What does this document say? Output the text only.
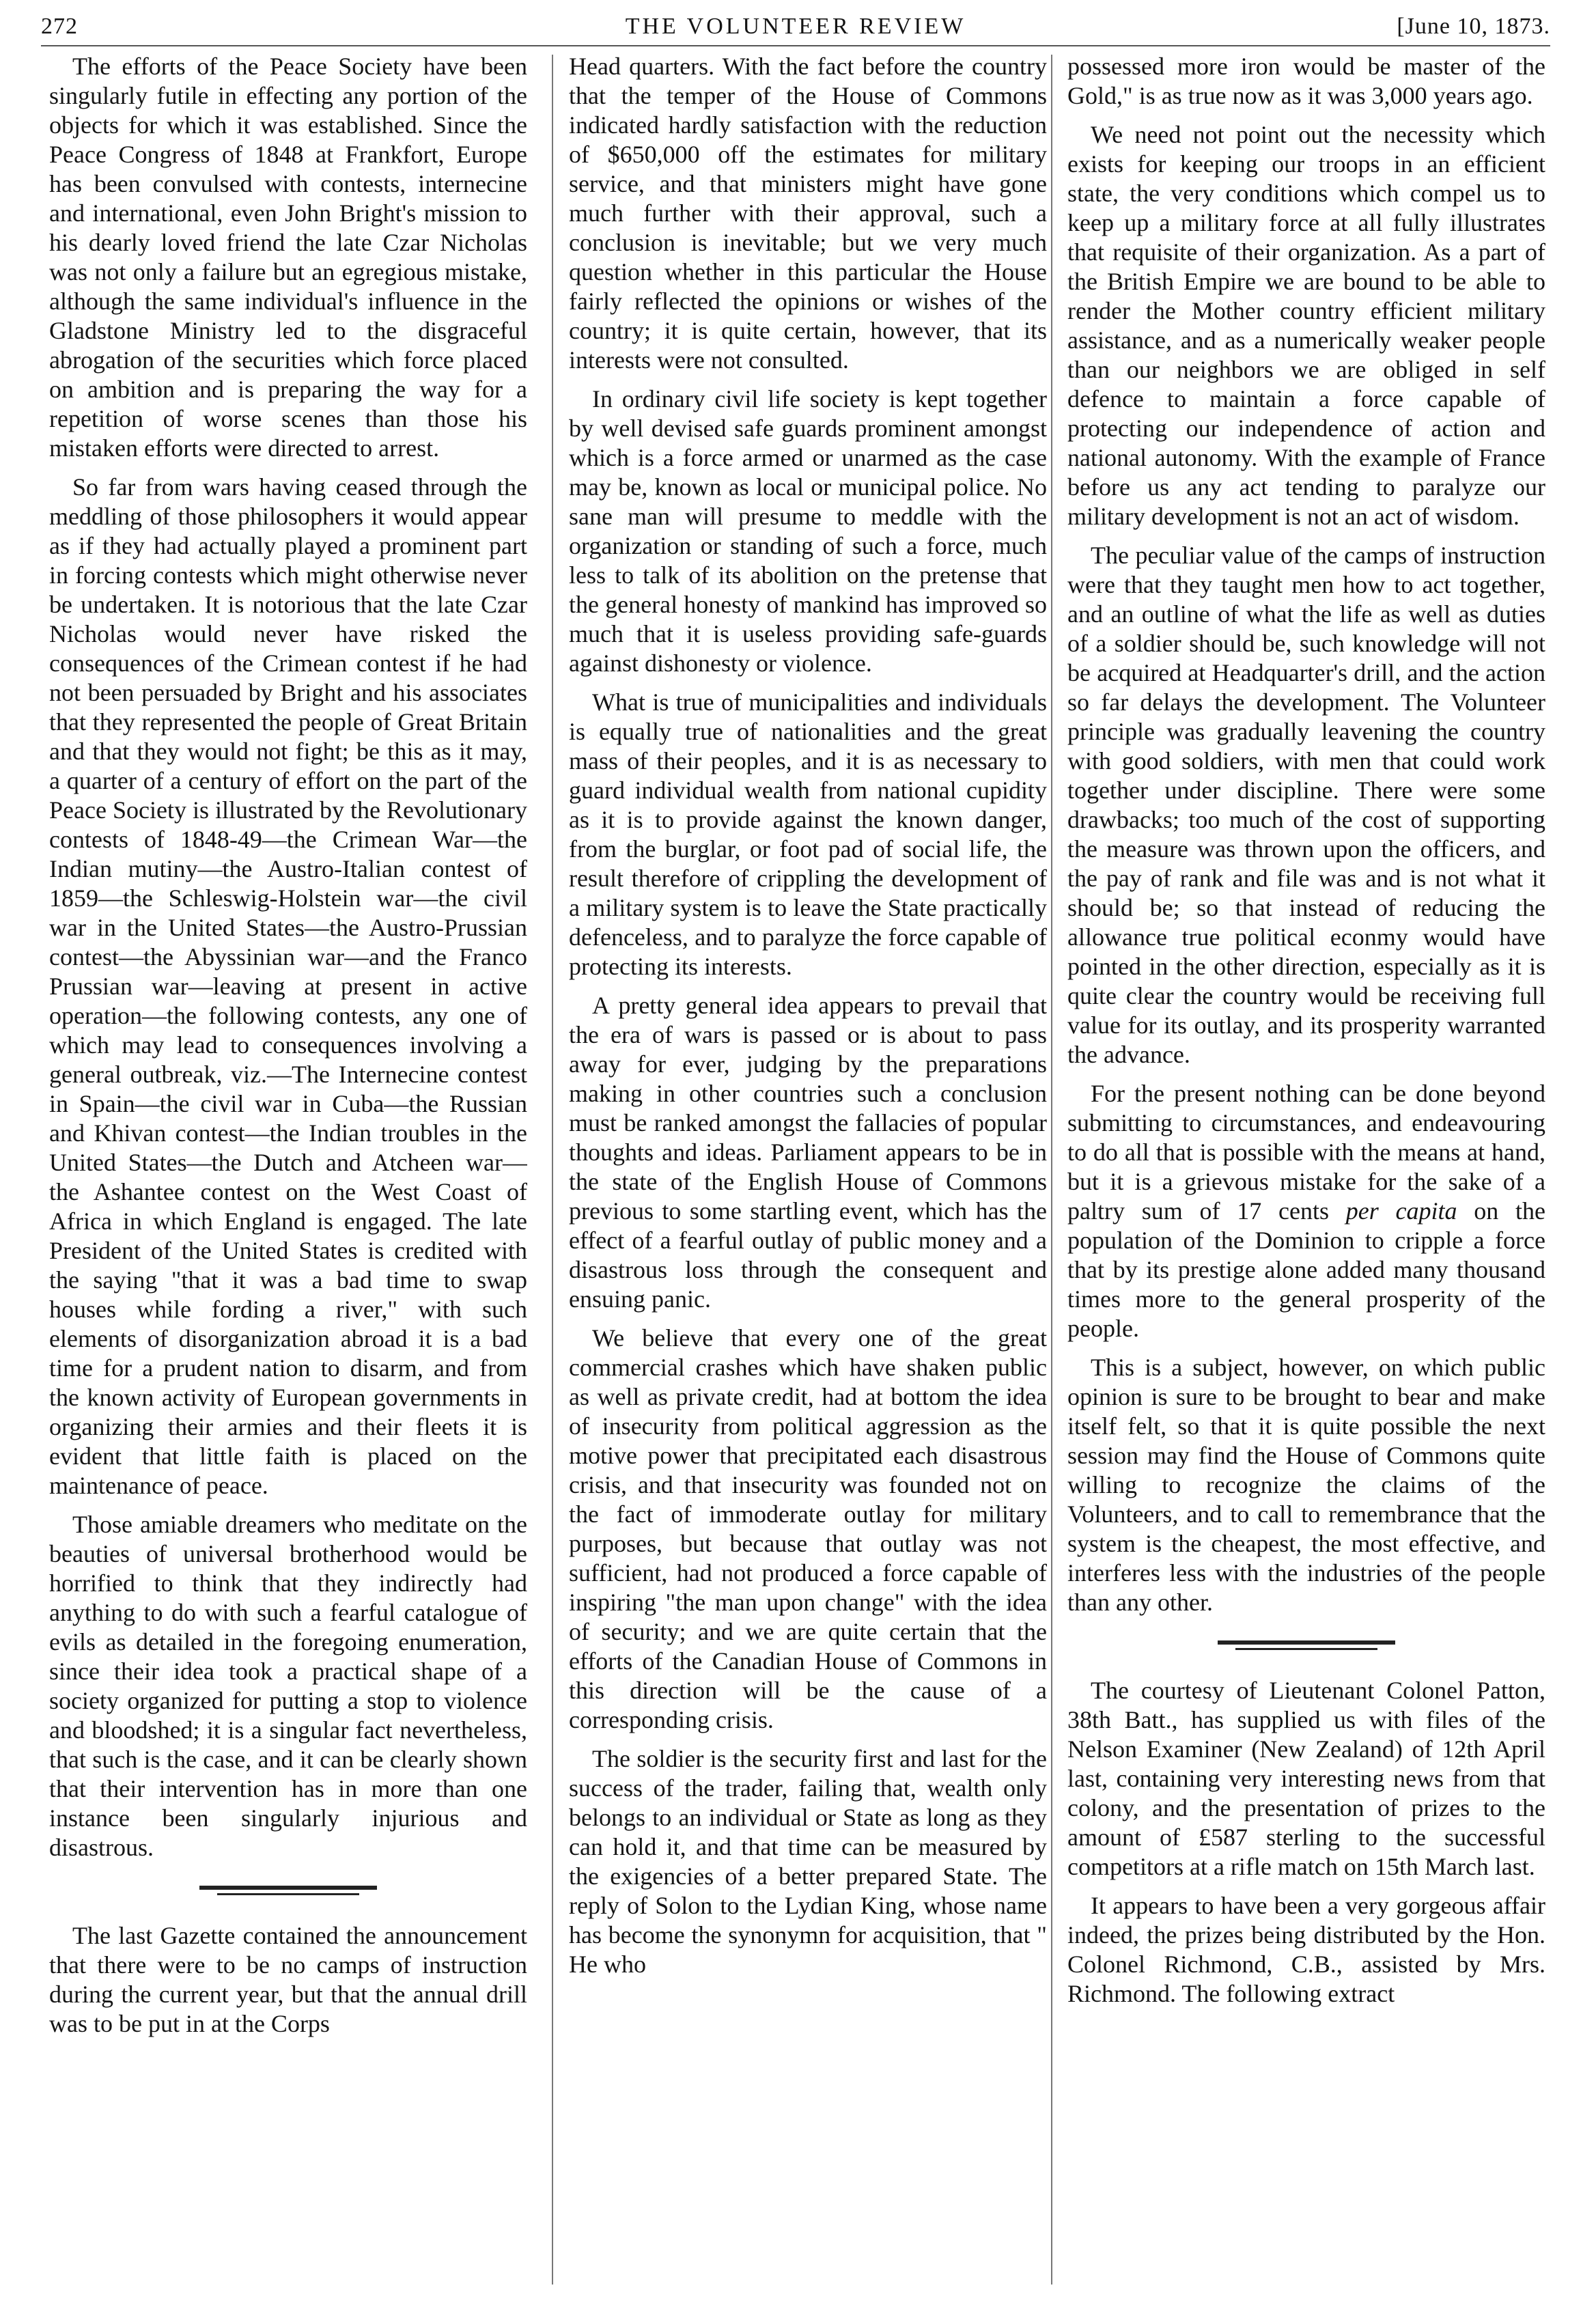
272	THE VOLUNTEER REVIEW	[June 10, 1873.

The efforts of the Peace Society have been singularly futile in effecting any portion of the objects for which it was established. Since the Peace Congress of 1848 at Frankfort, Europe has been convulsed with contests, internecine and international, even John Bright's mission to his dearly loved friend the late Czar Nicholas was not only a failure but an egregious mistake, although the same individual's influence in the Gladstone Ministry led to the disgraceful abrogation of the securities which force placed on ambition and is preparing the way for a repetition of worse scenes than those his mistaken efforts were directed to arrest.

So far from wars having ceased through the meddling of those philosophers it would appear as if they had actually played a prominent part in forcing contests which might otherwise never be undertaken. It is notorious that the late Czar Nicholas would never have risked the consequences of the Crimean contest if he had not been persuaded by Bright and his associates that they represented the people of Great Britain and that they would not fight; be this as it may, a quarter of a century of effort on the part of the Peace Society is illustrated by the Revolutionary contests of 1848-49—the Crimean War—the Indian mutiny—the Austro-Italian contest of 1859—the Schleswig-Holstein war—the civil war in the United States—the Austro-Prussian contest—the Abyssinian war—and the Franco Prussian war—leaving at present in active operation—the following contests, any one of which may lead to consequences involving a general outbreak, viz.—The Internecine contest in Spain—the civil war in Cuba—the Russian and Khivan contest—the Indian troubles in the United States—the Dutch and Atcheen war—the Ashantee contest on the West Coast of Africa in which England is engaged. The late President of the United States is credited with the saying "that it was a bad time to swap houses while fording a river," with such elements of disorganization abroad it is a bad time for a prudent nation to disarm, and from the known activity of European governments in organizing their armies and their fleets it is evident that little faith is placed on the maintenance of peace.

Those amiable dreamers who meditate on the beauties of universal brotherhood would be horrified to think that they indirectly had anything to do with such a fearful catalogue of evils as detailed in the foregoing enumeration, since their idea took a practical shape of a society organized for putting a stop to violence and bloodshed; it is a singular fact nevertheless, that such is the case, and it can be clearly shown that their intervention has in more than one instance been singularly injurious and disastrous.

The last Gazette contained the announcement that there were to be no camps of instruction during the current year, but that the annual drill was to be put in at the Corps

Head quarters. With the fact before the country that the temper of the House of Commons indicated hardly satisfaction with the reduction of $650,000 off the estimates for military service, and that ministers might have gone much further with their approval, such a conclusion is inevitable; but we very much question whether in this particular the House fairly reflected the opinions or wishes of the country; it is quite certain, however, that its interests were not consulted.

In ordinary civil life society is kept together by well devised safe guards prominent amongst which is a force armed or unarmed as the case may be, known as local or municipal police. No sane man will presume to meddle with the organization or standing of such a force, much less to talk of its abolition on the pretense that the general honesty of mankind has improved so much that it is useless providing safe-guards against dishonesty or violence.

What is true of municipalities and individuals is equally true of nationalities and the great mass of their peoples, and it is as necessary to guard individual wealth from national cupidity as it is to provide against the known danger, from the burglar, or foot pad of social life, the result therefore of crippling the development of a military system is to leave the State practically defenceless, and to paralyze the force capable of protecting its interests.

A pretty general idea appears to prevail that the era of wars is passed or is about to pass away for ever, judging by the preparations making in other countries such a conclusion must be ranked amongst the fallacies of popular thoughts and ideas. Parliament appears to be in the state of the English House of Commons previous to some startling event, which has the effect of a fearful outlay of public money and a disastrous loss through the consequent and ensuing panic.

We believe that every one of the great commercial crashes which have shaken public as well as private credit, had at bottom the idea of insecurity from political aggression as the motive power that precipitated each disastrous crisis, and that insecurity was founded not on the fact of immoderate outlay for military purposes, but because that outlay was not sufficient, had not produced a force capable of inspiring "the man upon change" with the idea of security; and we are quite certain that the efforts of the Canadian House of Commons in this direction will be the cause of a corresponding crisis.

The soldier is the security first and last for the success of the trader, failing that, wealth only belongs to an individual or State as long as they can hold it, and that time can be measured by the exigencies of a better prepared State. The reply of Solon to the Lydian King, whose name has become the synonymn for acquisition, that " He who

possessed more iron would be master of the Gold," is as true now as it was 3,000 years ago.

We need not point out the necessity which exists for keeping our troops in an efficient state, the very conditions which compel us to keep up a military force at all fully illustrates that requisite of their organization. As a part of the British Empire we are bound to be able to render the Mother country efficient military assistance, and as a numerically weaker people than our neighbors we are obliged in self defence to maintain a force capable of protecting our independence of action and national autonomy. With the example of France before us any act tending to paralyze our military development is not an act of wisdom.

The peculiar value of the camps of instruction were that they taught men how to act together, and an outline of what the life as well as duties of a soldier should be, such knowledge will not be acquired at Headquarter's drill, and the action so far delays the development. The Volunteer principle was gradually leavening the country with good soldiers, with men that could work together under discipline. There were some drawbacks; too much of the cost of supporting the measure was thrown upon the officers, and the pay of rank and file was and is not what it should be; so that instead of reducing the allowance true political econmy would have pointed in the other direction, especially as it is quite clear the country would be receiving full value for its outlay, and its prosperity warranted the advance.

For the present nothing can be done beyond submitting to circumstances, and endeavouring to do all that is possible with the means at hand, but it is a grievous mistake for the sake of a paltry sum of 17 cents per capita on the population of the Dominion to cripple a force that by its prestige alone added many thousand times more to the general prosperity of the people.

This is a subject, however, on which public opinion is sure to be brought to bear and make itself felt, so that it is quite possible the next session may find the House of Commons quite willing to recognize the claims of the Volunteers, and to call to remembrance that the system is the cheapest, the most effective, and interferes less with the industries of the people than any other.

The courtesy of Lieutenant Colonel Patton, 38th Batt., has supplied us with files of the Nelson Examiner (New Zealand) of 12th April last, containing very interesting news from that colony, and the presentation of prizes to the amount of £587 sterling to the successful competitors at a rifle match on 15th March last.

It appears to have been a very gorgeous affair indeed, the prizes being distributed by the Hon. Colonel Richmond, C.B., assisted by Mrs. Richmond. The following extract
